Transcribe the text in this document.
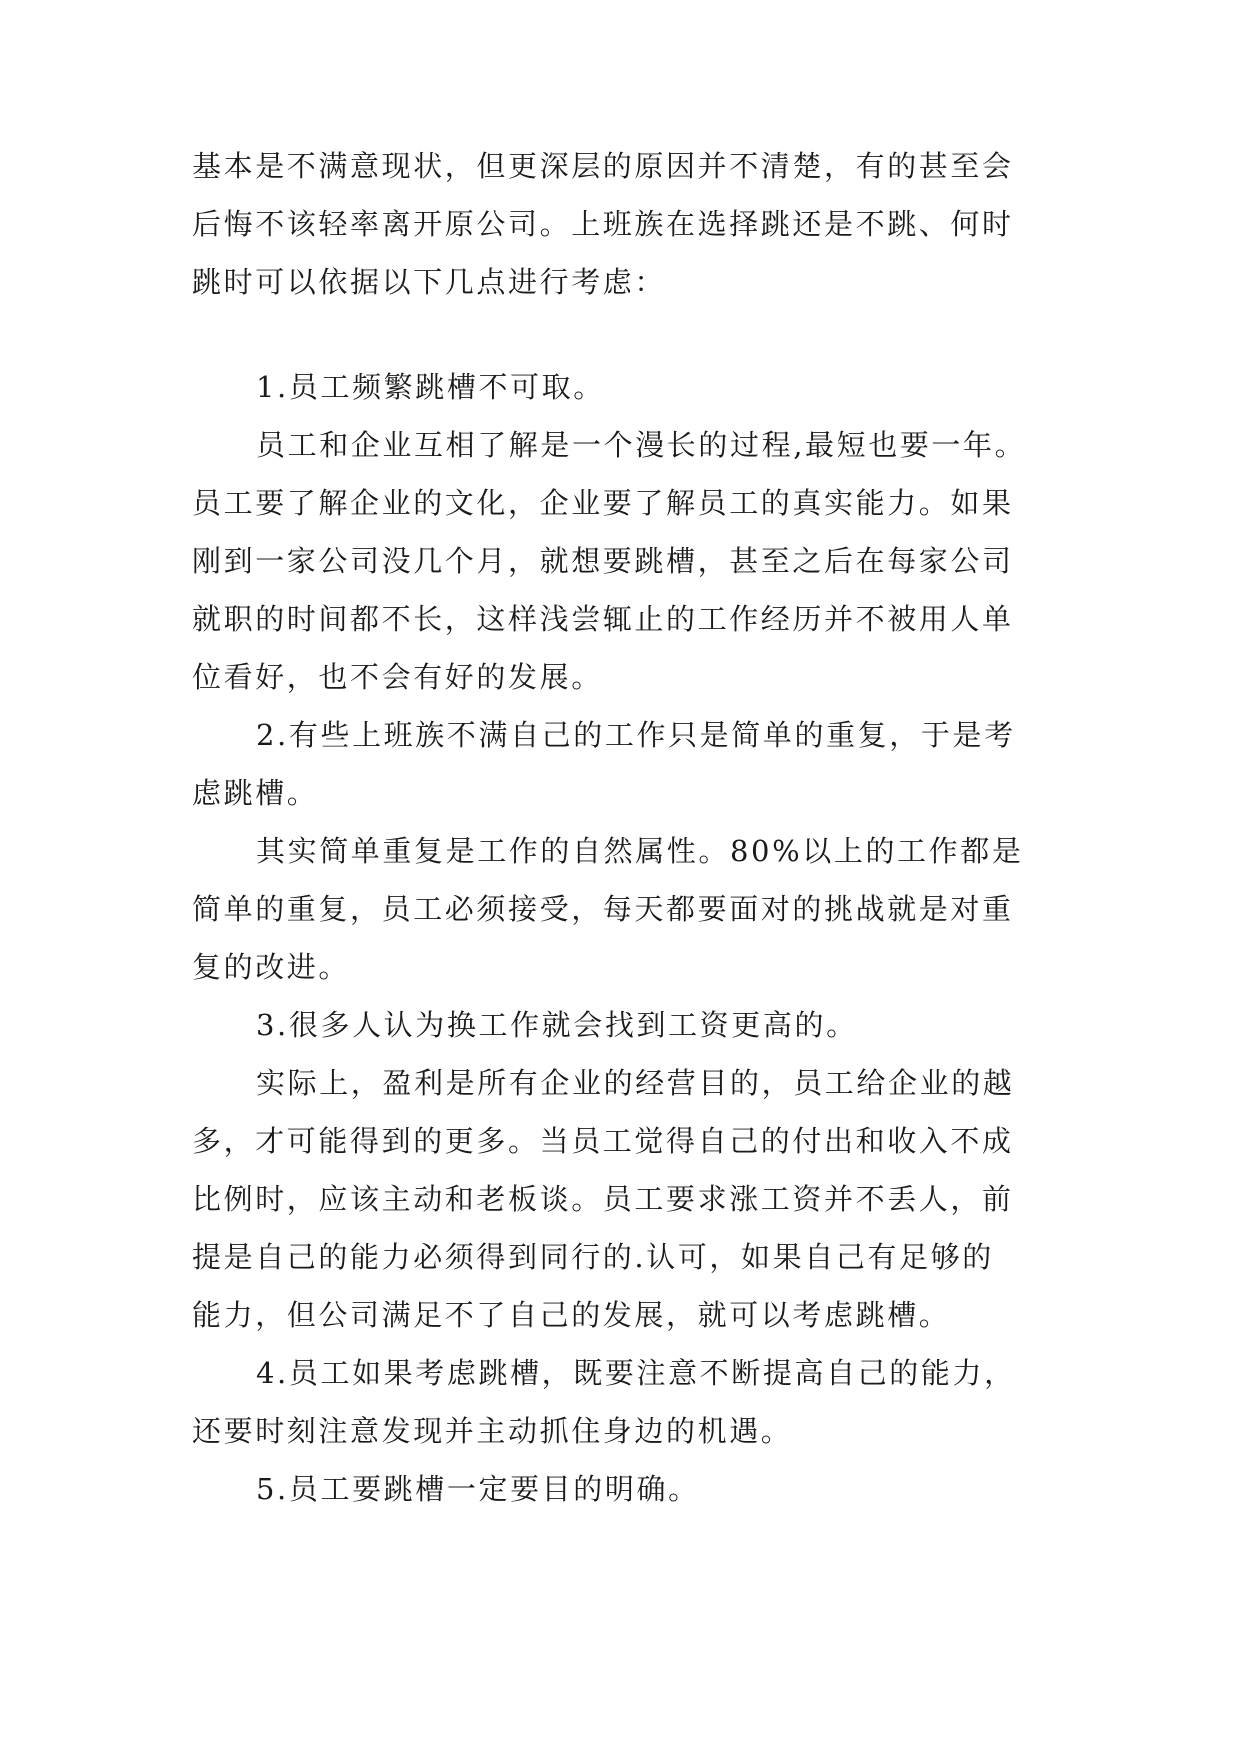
基本是不满意现状，但更深层的原因并不清楚，有的甚至会
后悔不该轻率离开原公司。上班族在选择跳还是不跳、何时
跳时可以依据以下几点进行考虑：
1.员工频繁跳槽不可取。
员工和企业互相了解是一个漫长的过程,最短也要一年。
员工要了解企业的文化，企业要了解员工的真实能力。如果
刚到一家公司没几个月，就想要跳槽，甚至之后在每家公司
就职的时间都不长，这样浅尝辄止的工作经历并不被用人单
位看好，也不会有好的发展。
2.有些上班族不满自己的工作只是简单的重复，于是考
虑跳槽。
其实简单重复是工作的自然属性。80%以上的工作都是
简单的重复，员工必须接受，每天都要面对的挑战就是对重
复的改进。
3.很多人认为换工作就会找到工资更高的。
实际上，盈利是所有企业的经营目的，员工给企业的越
多，才可能得到的更多。当员工觉得自己的付出和收入不成
比例时，应该主动和老板谈。员工要求涨工资并不丢人，前
提是自己的能力必须得到同行的.认可，如果自己有足够的
能力，但公司满足不了自己的发展，就可以考虑跳槽。
4.员工如果考虑跳槽，既要注意不断提高自己的能力，
还要时刻注意发现并主动抓住身边的机遇。
5.员工要跳槽一定要目的明确。
